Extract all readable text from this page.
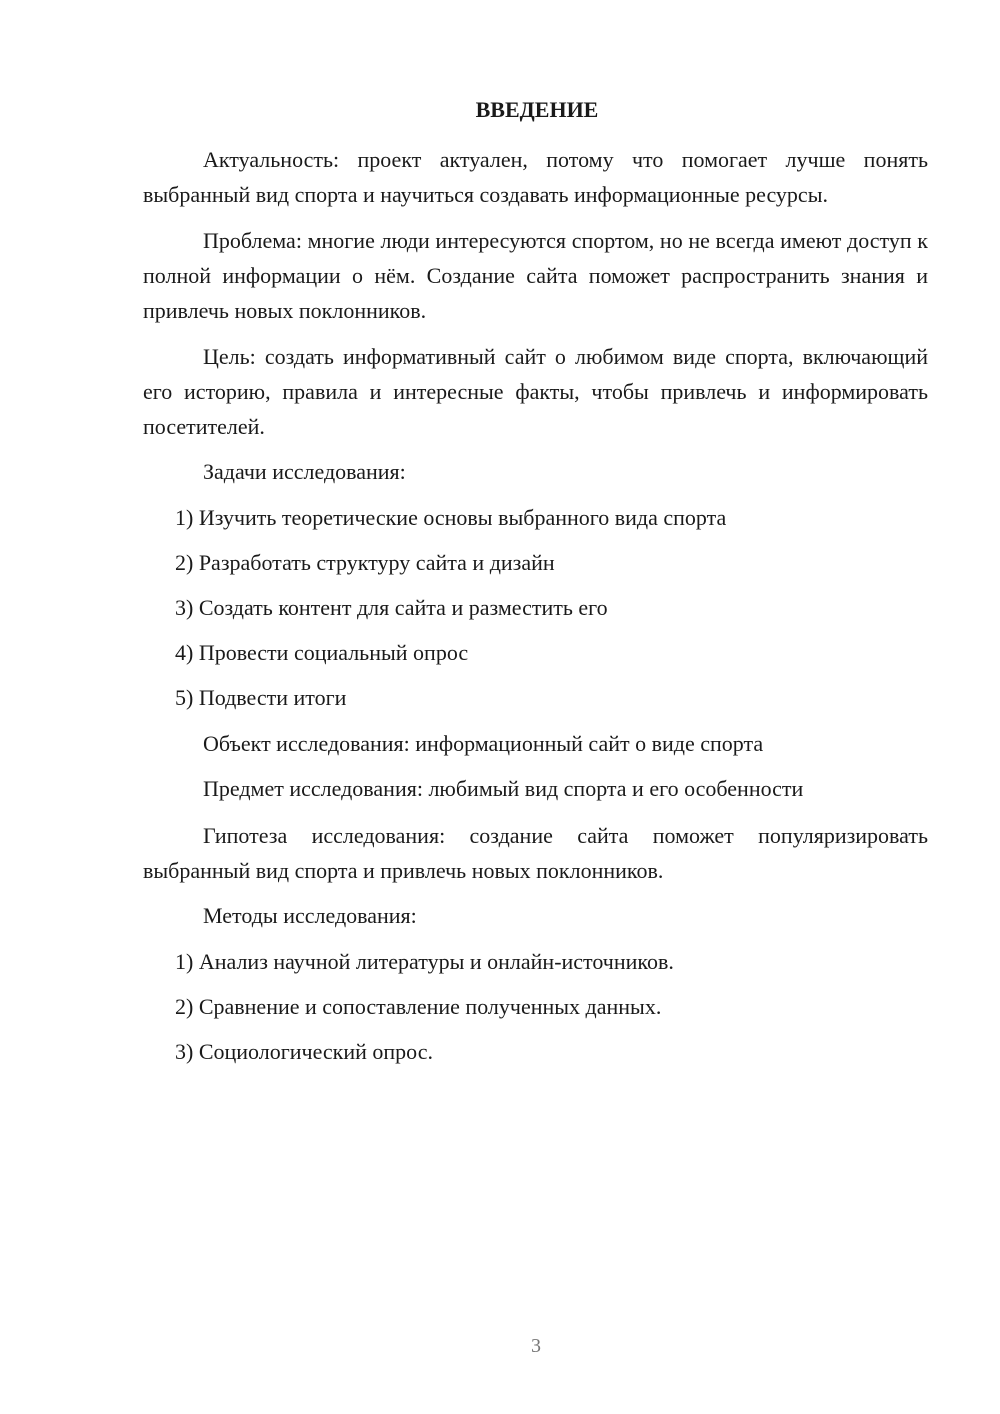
ВВЕДЕНИЕ

Актуальность: проект актуален, потому что помогает лучше понять выбранный вид спорта и научиться создавать информационные ресурсы.

Проблема: многие люди интересуются спортом, но не всегда имеют доступ к полной информации о нём. Создание сайта поможет распространить знания и привлечь новых поклонников.

Цель: создать информативный сайт о любимом виде спорта, включающий его историю, правила и интересные факты, чтобы привлечь и информировать посетителей.

Задачи исследования:

1) Изучить теоретические основы выбранного вида спорта

2) Разработать структуру сайта и дизайн

3) Создать контент для сайта и разместить его

4) Провести социальный опрос

5) Подвести итоги

Объект исследования: информационный сайт о виде спорта

Предмет исследования: любимый вид спорта и его особенности

Гипотеза исследования: создание сайта поможет популяризировать выбранный вид спорта и привлечь новых поклонников.

Методы исследования:

1) Анализ научной литературы и онлайн-источников.

2) Сравнение и сопоставление полученных данных.

3) Социологический опрос.

3
